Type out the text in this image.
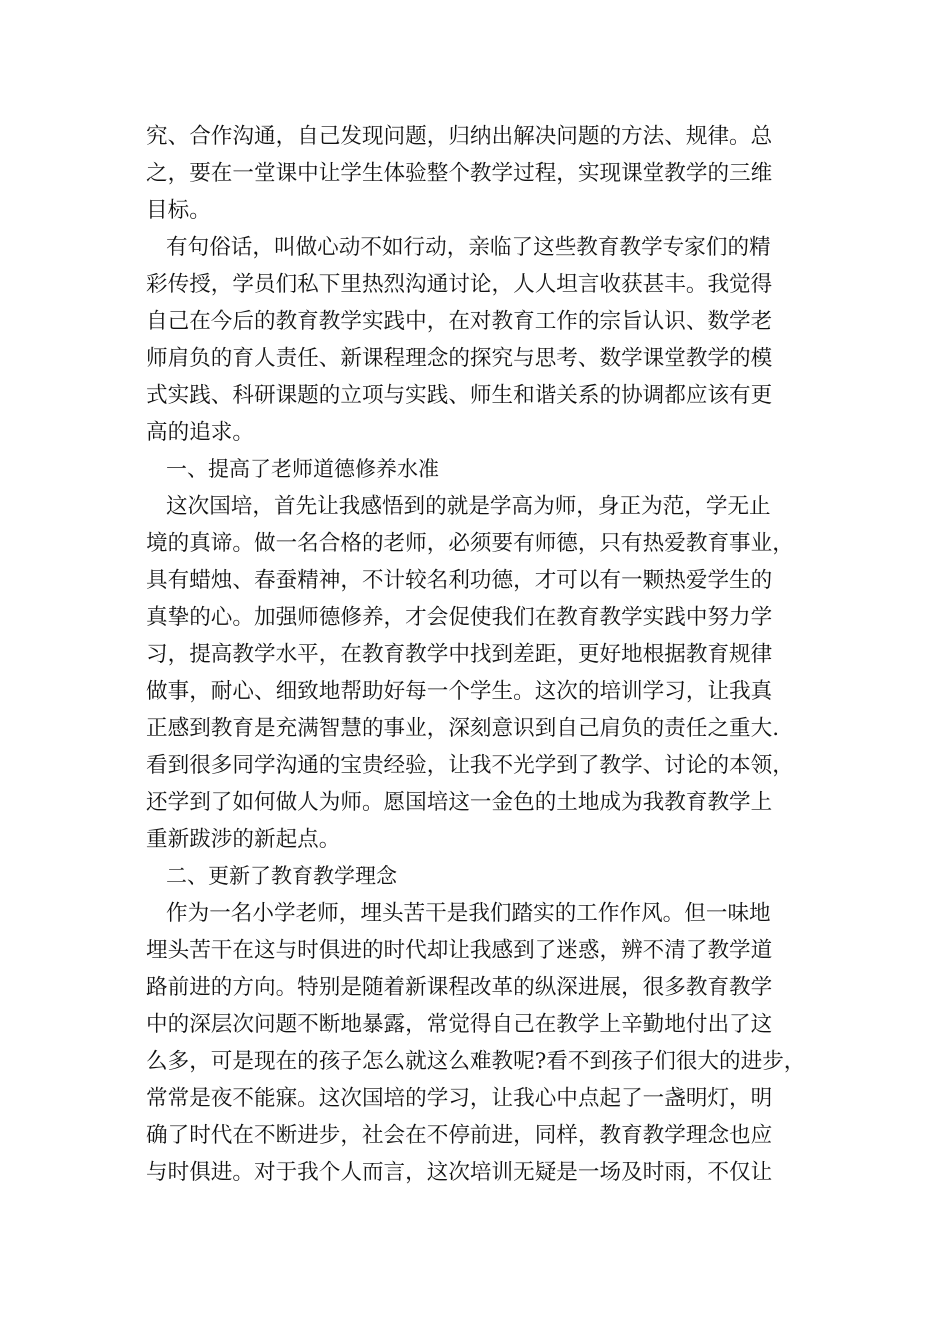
究、合作沟通，自己发现问题，归纳出解决问题的方法、规律。总
之，要在一堂课中让学生体验整个教学过程，实现课堂教学的三维
目标。
有句俗话，叫做心动不如行动，亲临了这些教育教学专家们的精
彩传授，学员们私下里热烈沟通讨论，人人坦言收获甚丰。我觉得
自己在今后的教育教学实践中，在对教育工作的宗旨认识、数学老
师肩负的育人责任、新课程理念的探究与思考、数学课堂教学的模
式实践、科研课题的立项与实践、师生和谐关系的协调都应该有更
高的追求。
一、提高了老师道德修养水准
这次国培，首先让我感悟到的就是学高为师，身正为范，学无止
境的真谛。做一名合格的老师，必须要有师德，只有热爱教育事业，
具有蜡烛、春蚕精神，不计较名利功德，才可以有一颗热爱学生的
真挚的心。加强师德修养，才会促使我们在教育教学实践中努力学
习，提高教学水平，在教育教学中找到差距，更好地根据教育规律
做事，耐心、细致地帮助好每一个学生。这次的培训学习，让我真
正感到教育是充满智慧的事业，深刻意识到自己肩负的责任之重大.
看到很多同学沟通的宝贵经验，让我不光学到了教学、讨论的本领，
还学到了如何做人为师。愿国培这一金色的土地成为我教育教学上
重新跋涉的新起点。
二、更新了教育教学理念
作为一名小学老师，埋头苦干是我们踏实的工作作风。但一味地
埋头苦干在这与时俱进的时代却让我感到了迷惑，辨不清了教学道
路前进的方向。特别是随着新课程改革的纵深进展，很多教育教学
中的深层次问题不断地暴露，常觉得自己在教学上辛勤地付出了这
么多，可是现在的孩子怎么就这么难教呢?看不到孩子们很大的进步，
常常是夜不能寐。这次国培的学习，让我心中点起了一盏明灯，明
确了时代在不断进步，社会在不停前进，同样，教育教学理念也应
与时俱进。对于我个人而言，这次培训无疑是一场及时雨，不仅让
